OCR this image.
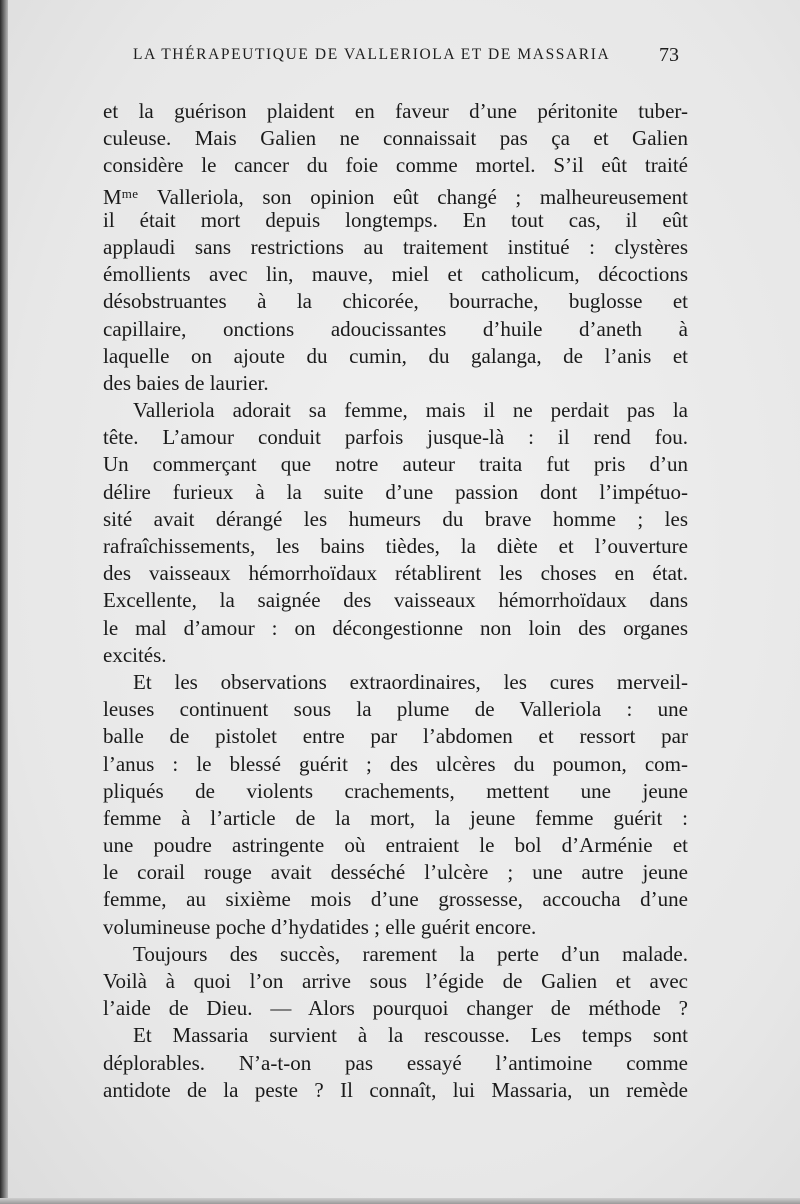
LA THÉRAPEUTIQUE DE VALLERIOLA ET DE MASSARIA	73
et la guérison plaident en faveur d’une péritonite tuber-
culeuse. Mais Galien ne connaissait pas ça et Galien
considère le cancer du foie comme mortel. S’il eût traité
$M^{me}$ Valleriola, son opinion eût changé ; malheureusement
il était mort depuis longtemps. En tout cas, il eût
applaudi sans restrictions au traitement institué : clystères
émollients avec lin, mauve, miel et catholicum, décoctions
désobstruantes à la chicorée, bourrache, buglosse et
capillaire, onctions adoucissantes d’huile d’aneth à
laquelle on ajoute du cumin, du galanga, de l’anis et
des baies de laurier.
Valleriola adorait sa femme, mais il ne perdait pas la
tête. L’amour conduit parfois jusque-là : il rend fou.
Un commerçant que notre auteur traita fut pris d’un
délire furieux à la suite d’une passion dont l’impétuo-
sité avait dérangé les humeurs du brave homme ; les
rafraîchissements, les bains tièdes, la diète et l’ouverture
des vaisseaux hémorrhoïdaux rétablirent les choses en état.
Excellente, la saignée des vaisseaux hémorrhoïdaux dans
le mal d’amour : on décongestionne non loin des organes
excités.
Et les observations extraordinaires, les cures merveil-
leuses continuent sous la plume de Valleriola : une
balle de pistolet entre par l’abdomen et ressort par
l’anus : le blessé guérit ; des ulcères du poumon, com-
pliqués de violents crachements, mettent une jeune
femme à l’article de la mort, la jeune femme guérit :
une poudre astringente où entraient le bol d’Arménie et
le corail rouge avait desséché l’ulcère ; une autre jeune
femme, au sixième mois d’une grossesse, accoucha d’une
volumineuse poche d’hydatides ; elle guérit encore.
Toujours des succès, rarement la perte d’un malade.
Voilà à quoi l’on arrive sous l’égide de Galien et avec
l’aide de Dieu. — Alors pourquoi changer de méthode ?
Et Massaria survient à la rescousse. Les temps sont
déplorables. N’a-t-on pas essayé l’antimoine comme
antidote de la peste ? Il connaît, lui Massaria, un remède
